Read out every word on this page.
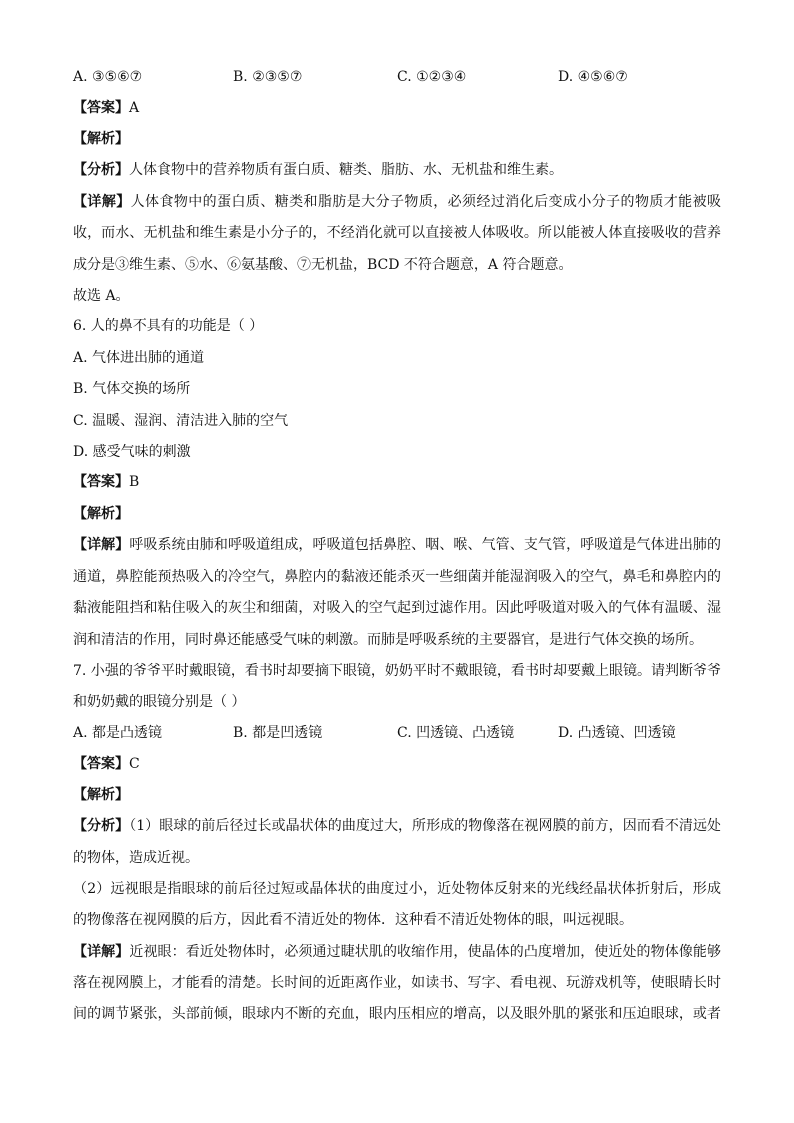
A. ③⑤⑥⑦	B. ②③⑤⑦	C. ①②③④	D. ④⑤⑥⑦
【答案】A
【解析】
【分析】人体食物中的营养物质有蛋白质、糖类、脂肪、水、无机盐和维生素。
【详解】人体食物中的蛋白质、糖类和脂肪是大分子物质，必须经过消化后变成小分子的物质才能被吸
收，而水、无机盐和维生素是小分子的，不经消化就可以直接被人体吸收。所以能被人体直接吸收的营养
成分是③维生素、⑤水、⑥氨基酸、⑦无机盐，BCD 不符合题意，A 符合题意。
故选 A。
6. 人的鼻不具有的功能是（ ）
A. 气体进出肺的通道
B. 气体交换的场所
C. 温暖、湿润、清洁进入肺的空气
D. 感受气味的刺激
【答案】B
【解析】
【详解】呼吸系统由肺和呼吸道组成，呼吸道包括鼻腔、咽、喉、气管、支气管，呼吸道是气体进出肺的
通道，鼻腔能预热吸入的冷空气，鼻腔内的黏液还能杀灭一些细菌并能湿润吸入的空气，鼻毛和鼻腔内的
黏液能阻挡和粘住吸入的灰尘和细菌，对吸入的空气起到过滤作用。因此呼吸道对吸入的气体有温暖、湿
润和清洁的作用，同时鼻还能感受气味的刺激。而肺是呼吸系统的主要器官，是进行气体交换的场所。
7. 小强的爷爷平时戴眼镜，看书时却要摘下眼镜，奶奶平时不戴眼镜，看书时却要戴上眼镜。请判断爷爷
和奶奶戴的眼镜分别是（ ）
A. 都是凸透镜	B. 都是凹透镜	C. 凹透镜、凸透镜	D. 凸透镜、凹透镜
【答案】C
【解析】
【分析】（1）眼球的前后径过长或晶状体的曲度过大，所形成的物像落在视网膜的前方，因而看不清远处
的物体，造成近视。
（2）远视眼是指眼球的前后径过短或晶体状的曲度过小，近处物体反射来的光线经晶状体折射后，形成
的物像落在视网膜的后方，因此看不清近处的物体．这种看不清近处物体的眼，叫远视眼。
【详解】近视眼：看近处物体时，必须通过睫状肌的收缩作用，使晶体的凸度增加，使近处的物体像能够
落在视网膜上，才能看的清楚。长时间的近距离作业，如读书、写字、看电视、玩游戏机等，使眼睛长时
间的调节紧张，头部前倾，眼球内不断的充血，眼内压相应的增高，以及眼外肌的紧张和压迫眼球，或者
